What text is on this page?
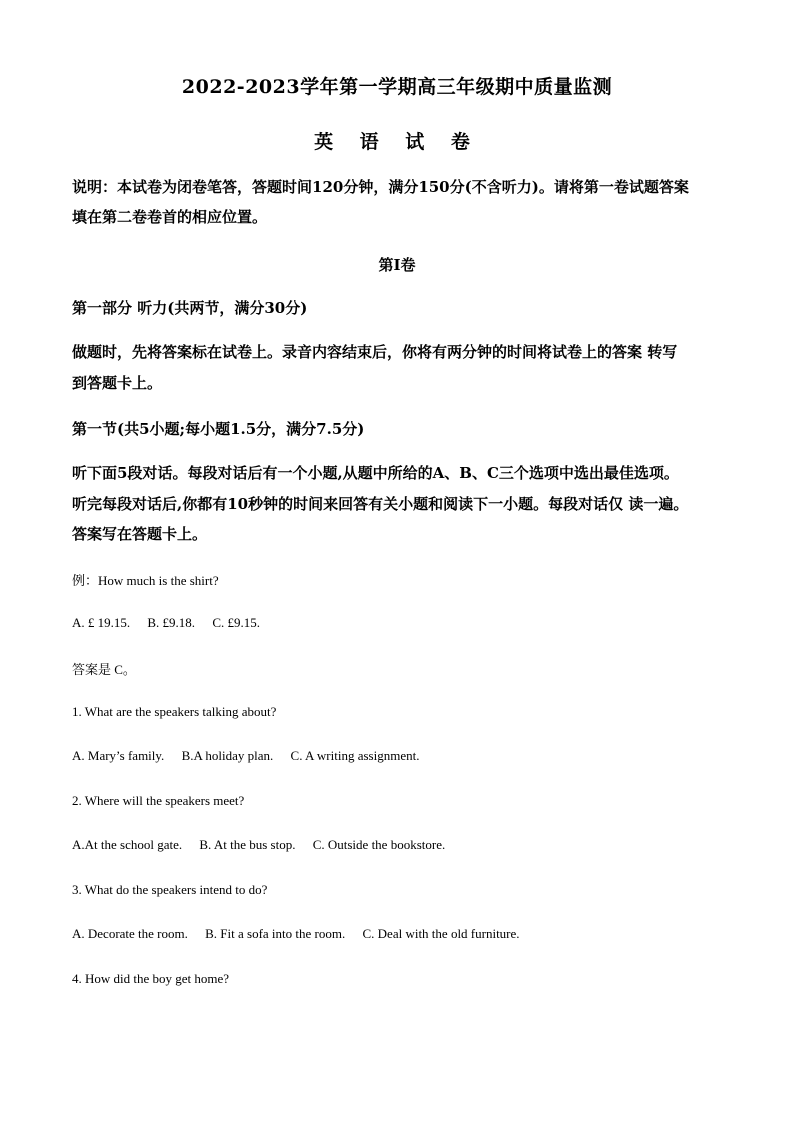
2022-2023学年第一学期高三年级期中质量监测
英 语 试 卷
说明：本试卷为闭卷笔答，答题时间120分钟，满分150分(不含听力)。请将第一卷试题答案
填在第二卷卷首的相应位置。
第I卷
第一部分 听力(共两节，满分30分)
做题时，先将答案标在试卷上。录音内容结束后，你将有两分钟的时间将试卷上的答案 转写
到答题卡上。
第一节(共5小题;每小题1.5分，满分7.5分)
听下面5段对话。每段对话后有一个小题,从题中所给的A、B、C三个选项中选出最佳选项。
听完每段对话后,你都有10秒钟的时间来回答有关小题和阅读下一小题。每段对话仅 读一遍。
答案写在答题卡上。
例：How much is the shirt?
A. £ 19.15. B. £9.18. C. £9.15.
答案是 C。
1. What are the speakers talking about?
A. Mary’s family. B.A holiday plan. C. A writing assignment.
2. Where will the speakers meet?
A.At the school gate. B. At the bus stop. C. Outside the bookstore.
3. What do the speakers intend to do?
A. Decorate the room. B. Fit a sofa into the room. C. Deal with the old furniture.
4. How did the boy get home?
